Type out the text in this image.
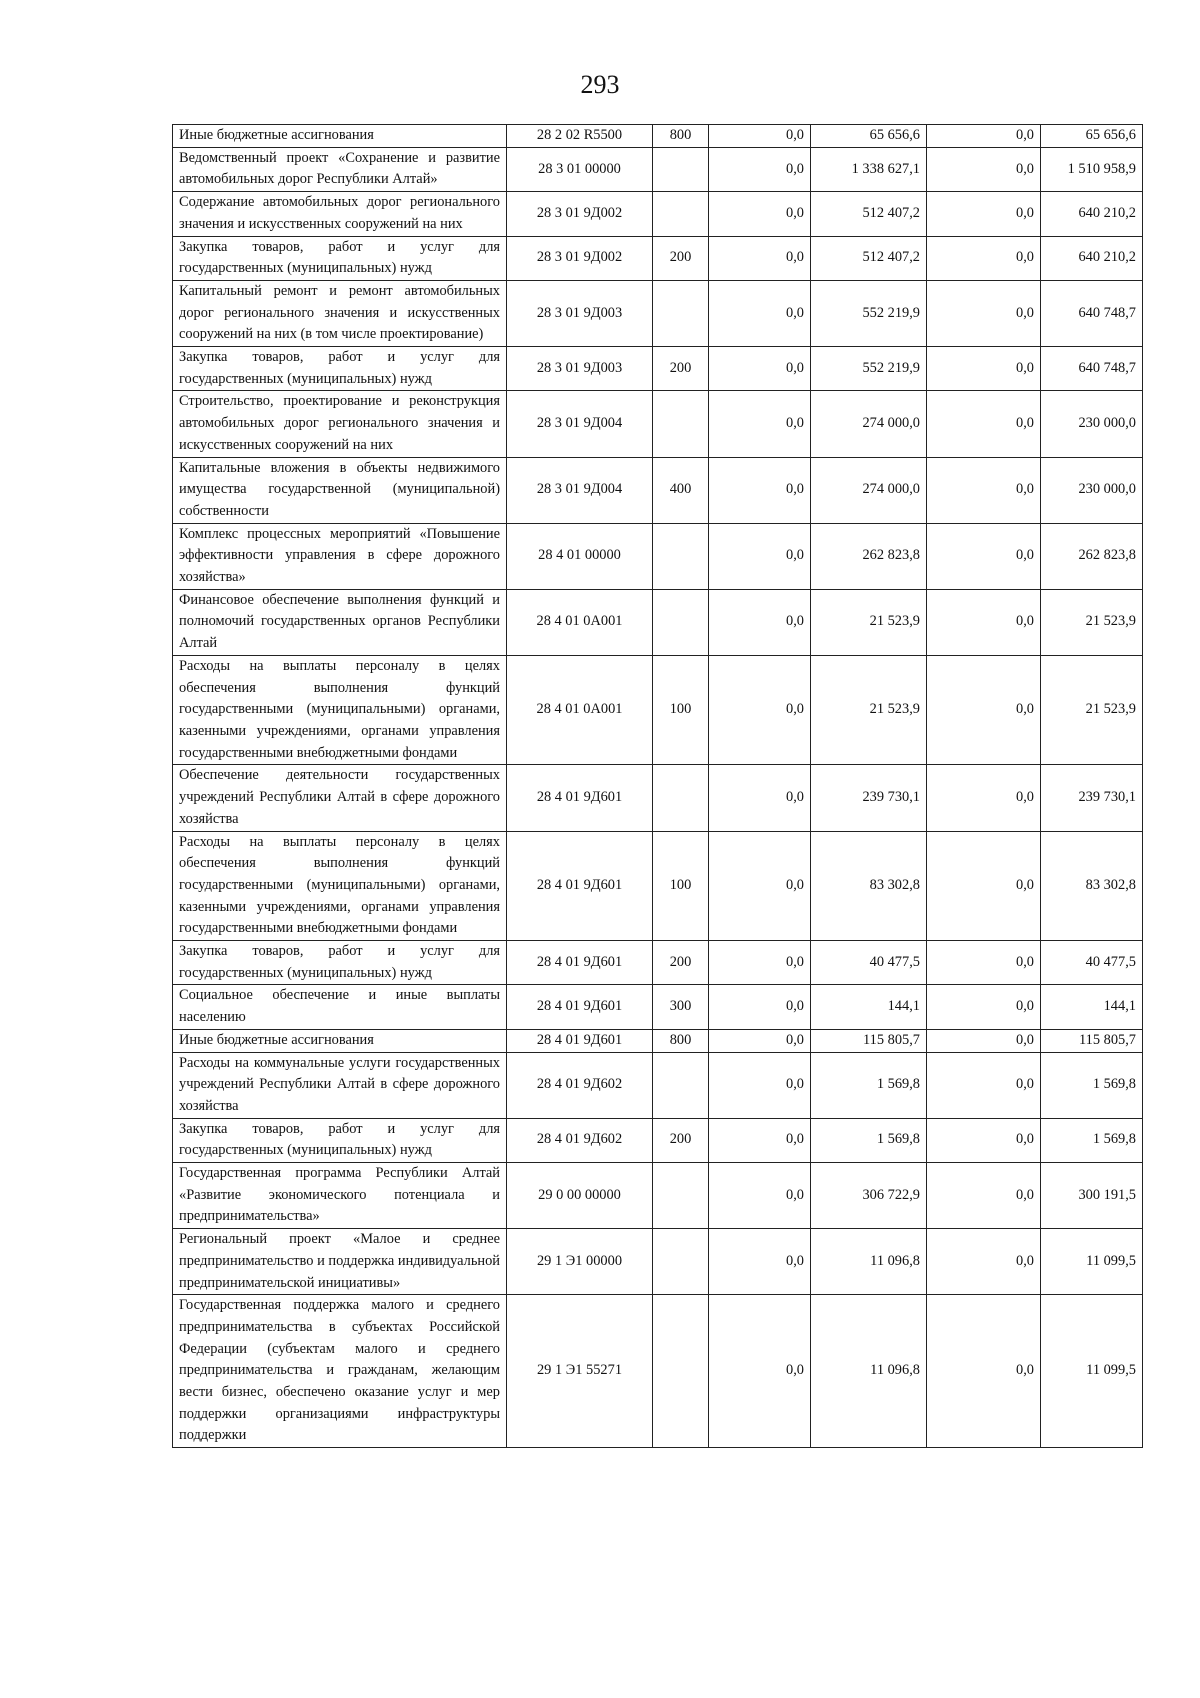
293
Иные бюджетные ассигнования	28 2 02 R5500	800	0,0	65 656,6	0,0	65 656,6
Ведомственный проект «Сохранение и развитие автомобильных дорог Республики Алтай»	28 3 01 00000		0,0	1 338 627,1	0,0	1 510 958,9
Содержание автомобильных дорог регионального значения и искусственных сооружений на них	28 3 01 9Д002		0,0	512 407,2	0,0	640 210,2
Закупка товаров, работ и услуг для государственных (муниципальных) нужд	28 3 01 9Д002	200	0,0	512 407,2	0,0	640 210,2
Капитальный ремонт и ремонт автомобильных дорог регионального значения и искусственных сооружений на них (в том числе проектирование)	28 3 01 9Д003		0,0	552 219,9	0,0	640 748,7
Закупка товаров, работ и услуг для государственных (муниципальных) нужд	28 3 01 9Д003	200	0,0	552 219,9	0,0	640 748,7
Строительство, проектирование и реконструкция автомобильных дорог регионального значения и искусственных сооружений на них	28 3 01 9Д004		0,0	274 000,0	0,0	230 000,0
Капитальные вложения в объекты недвижимого имущества государственной (муниципальной) собственности	28 3 01 9Д004	400	0,0	274 000,0	0,0	230 000,0
Комплекс процессных мероприятий «Повышение эффективности управления в сфере дорожного хозяйства»	28 4 01 00000		0,0	262 823,8	0,0	262 823,8
Финансовое обеспечение выполнения функций и полномочий государственных органов Республики Алтай	28 4 01 0А001		0,0	21 523,9	0,0	21 523,9
Расходы на выплаты персоналу в целях обеспечения выполнения функций государственными (муниципальными) органами, казенными учреждениями, органами управления государственными внебюджетными фондами	28 4 01 0А001	100	0,0	21 523,9	0,0	21 523,9
Обеспечение деятельности государственных учреждений Республики Алтай в сфере дорожного хозяйства	28 4 01 9Д601		0,0	239 730,1	0,0	239 730,1
Расходы на выплаты персоналу в целях обеспечения выполнения функций государственными (муниципальными) органами, казенными учреждениями, органами управления государственными внебюджетными фондами	28 4 01 9Д601	100	0,0	83 302,8	0,0	83 302,8
Закупка товаров, работ и услуг для государственных (муниципальных) нужд	28 4 01 9Д601	200	0,0	40 477,5	0,0	40 477,5
Социальное обеспечение и иные выплаты населению	28 4 01 9Д601	300	0,0	144,1	0,0	144,1
Иные бюджетные ассигнования	28 4 01 9Д601	800	0,0	115 805,7	0,0	115 805,7
Расходы на коммунальные услуги государственных учреждений Республики Алтай в сфере дорожного хозяйства	28 4 01 9Д602		0,0	1 569,8	0,0	1 569,8
Закупка товаров, работ и услуг для государственных (муниципальных) нужд	28 4 01 9Д602	200	0,0	1 569,8	0,0	1 569,8
Государственная программа Республики Алтай «Развитие экономического потенциала и предпринимательства»	29 0 00 00000		0,0	306 722,9	0,0	300 191,5
Региональный проект «Малое и среднее предпринимательство и поддержка индивидуальной предпринимательской инициативы»	29 1 Э1 00000		0,0	11 096,8	0,0	11 099,5
Государственная поддержка малого и среднего предпринимательства в субъектах Российской Федерации (субъектам малого и среднего предпринимательства и гражданам, желающим вести бизнес, обеспечено оказание услуг и мер поддержки организациями инфраструктуры поддержки	29 1 Э1 55271		0,0	11 096,8	0,0	11 099,5
